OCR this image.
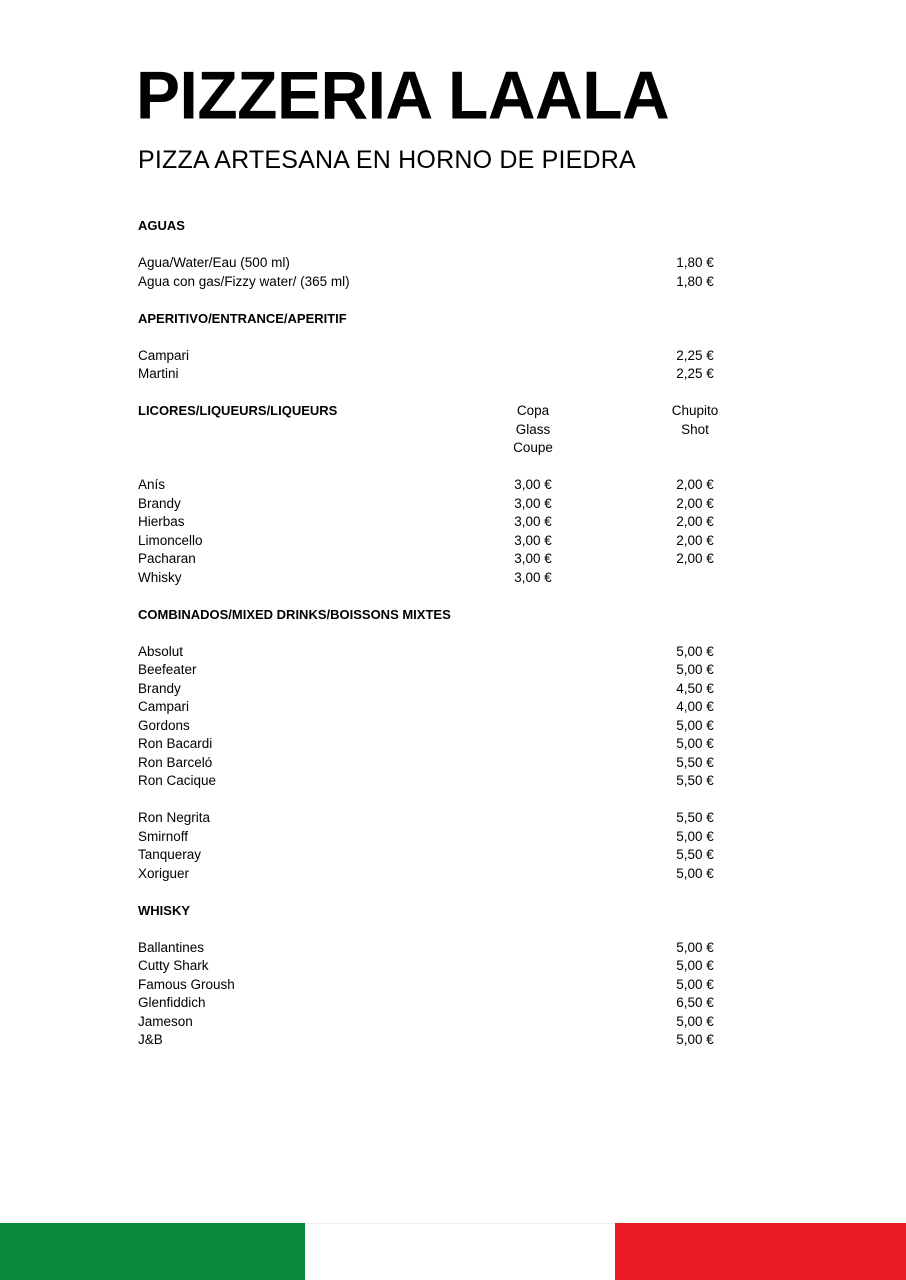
PIZZERIA LAALA
PIZZA ARTESANA EN HORNO DE PIEDRA
AGUAS
Agua/Water/Eau (500 ml)	1,80 €
Agua con gas/Fizzy water/ (365 ml)	1,80 €
APERITIVO/ENTRANCE/APERITIF
Campari	2,25 €
Martini	2,25 €
LICORES/LIQUEURS/LIQUEURS	Copa	Chupito
Glass	Shot
Coupe
Anís	3,00 €	2,00 €
Brandy	3,00 €	2,00 €
Hierbas	3,00 €	2,00 €
Limoncello	3,00 €	2,00 €
Pacharan	3,00 €	2,00 €
Whisky	3,00 €
COMBINADOS/MIXED DRINKS/BOISSONS MIXTES
Absolut	5,00 €
Beefeater	5,00 €
Brandy	4,50 €
Campari	4,00 €
Gordons	5,00 €
Ron Bacardi	5,00 €
Ron Barceló	5,50 €
Ron Cacique	5,50 €
Ron Negrita	5,50 €
Smirnoff	5,00 €
Tanqueray	5,50 €
Xoriguer	5,00 €
WHISKY
Ballantines	5,00 €
Cutty Shark	5,00 €
Famous Groush	5,00 €
Glenfiddich	6,50 €
Jameson	5,00 €
J&B	5,00 €
